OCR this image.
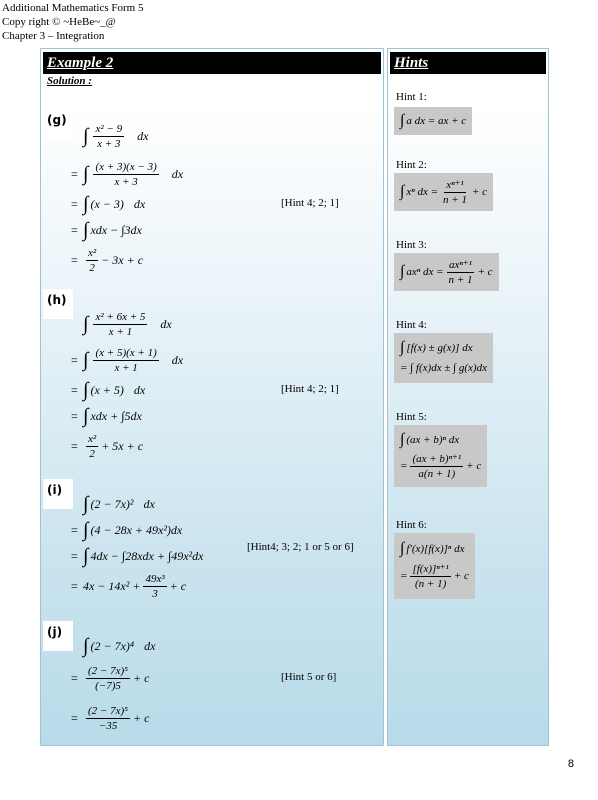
Additional Mathematics Form 5
Copy right © ~HeBe~_@
Chapter 3 – Integration
Example 2
Solution :
(g)
∫ $\frac{\text{x² − 9}}{x + 3}$ dx
= ∫ $\frac{(x + 3)(x - 3)}{x + 3}$ dx
= ∫ (x − 3) dx	[Hint 4; 2; 1]
= ∫ xdx − ∫3dx
= $\frac{\text{x²}}{2} - 3x + c$
(h)
∫ $\frac{\text{x² + 6x + 5}}{x + 1}$ dx
= ∫ $\frac{(x + 5)(x + 1)}{x + 1}$ dx
= ∫ (x + 5) dx	[Hint 4; 2; 1]
= ∫ xdx + ∫5dx
= $\frac{\text{x²}}{2} + 5x + c$
(i)
∫ (2 − 7x)² dx
= ∫ (4 − 28x + 49x²)dx
= ∫ 4dx − ∫28xdx + ∫49x²dx
[Hint4; 3; 2; 1 or 5 or 6]
= $4x - 14x^2 + \frac{\text{49x³}}{3} + c$
(j)
∫ (2 − 7x)⁴ dx
= $\frac{\text{(2 − 7x)⁵}}{(-7)5} + c$	[Hint 5 or 6]
= $\frac{\text{(2 − 7x)⁵}}{-35} + c$
Hints
Hint 1:
∫ a dx = ax + c
Hint 2:
∫ xⁿ dx = $\frac{\text{xⁿ⁺¹}}{n + 1} + c$
Hint 3:
∫ axⁿ dx = $\frac{\text{axⁿ⁺¹}}{n + 1} + c$
Hint 4:
∫ [f(x) ± g(x)] dx
= ∫ f(x)dx ± ∫ g(x)dx
Hint 5:
∫ (ax + b)ⁿ dx
= $\frac{\text{(ax + b)ⁿ⁺¹}}{a(n + 1)} + c$
Hint 6:
∫ f′(x)[f(x)]ⁿ dx
= $\frac{\text{[f(x)]ⁿ⁺¹}}{(n + 1)} + c$
8
